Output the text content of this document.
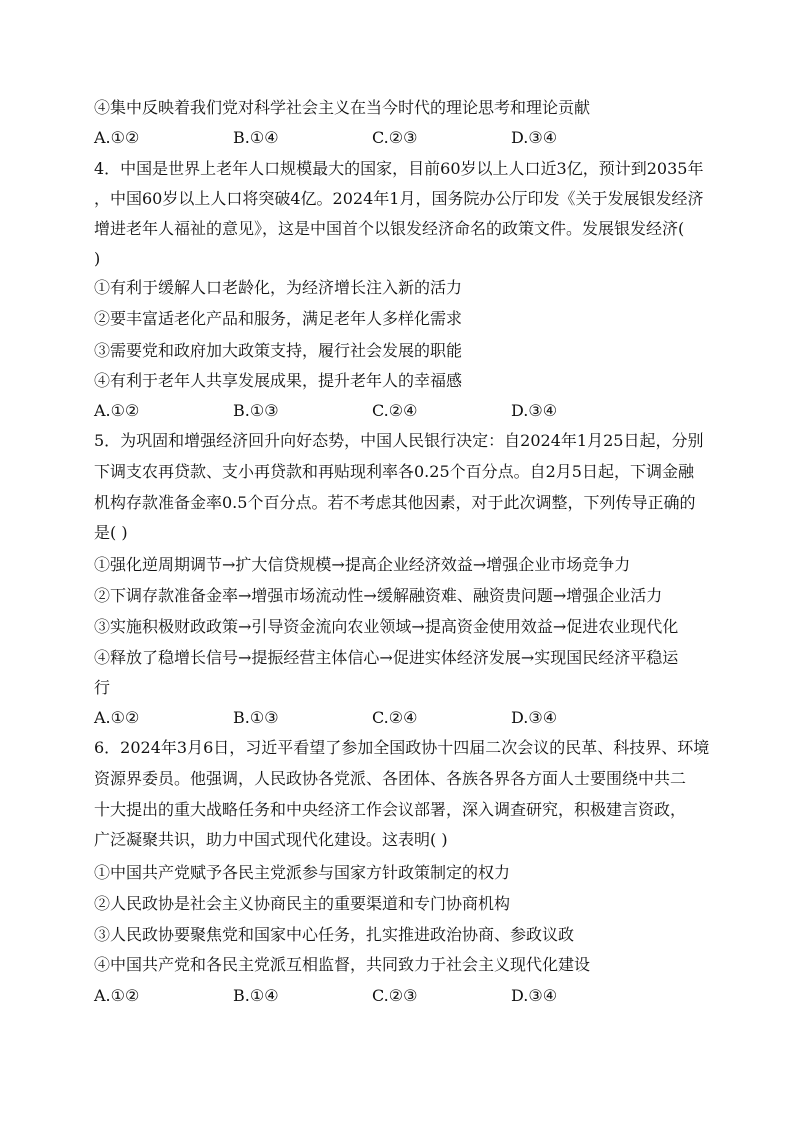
④集中反映着我们党对科学社会主义在当今时代的理论思考和理论贡献
A.①②	B.①④	C.②③	D.③④
4．中国是世界上老年人口规模最大的国家，目前60岁以上人口近3亿，预计到2035年
，中国60岁以上人口将突破4亿。2024年1月，国务院办公厅印发《关于发展银发经济
增进老年人福祉的意见》，这是中国首个以银发经济命名的政策文件。发展银发经济(
)
①有利于缓解人口老龄化，为经济增长注入新的活力
②要丰富适老化产品和服务，满足老年人多样化需求
③需要党和政府加大政策支持，履行社会发展的职能
④有利于老年人共享发展成果，提升老年人的幸福感
A.①②	B.①③	C.②④	D.③④
5．为巩固和增强经济回升向好态势，中国人民银行决定：自2024年1月25日起，分别
下调支农再贷款、支小再贷款和再贴现利率各0.25个百分点。自2月5日起，下调金融
机构存款准备金率0.5个百分点。若不考虑其他因素，对于此次调整，下列传导正确的
是( )
①强化逆周期调节→扩大信贷规模→提高企业经济效益→增强企业市场竞争力
②下调存款准备金率→增强市场流动性→缓解融资难、融资贵问题→增强企业活力
③实施积极财政政策→引导资金流向农业领域→提高资金使用效益→促进农业现代化
④释放了稳增长信号→提振经营主体信心→促进实体经济发展→实现国民经济平稳运
行
A.①②	B.①③	C.②④	D.③④
6．2024年3月6日，习近平看望了参加全国政协十四届二次会议的民革、科技界、环境
资源界委员。他强调，人民政协各党派、各团体、各族各界各方面人士要围绕中共二
十大提出的重大战略任务和中央经济工作会议部署，深入调查研究，积极建言资政，
广泛凝聚共识，助力中国式现代化建设。这表明( )
①中国共产党赋予各民主党派参与国家方针政策制定的权力
②人民政协是社会主义协商民主的重要渠道和专门协商机构
③人民政协要聚焦党和国家中心任务，扎实推进政治协商、参政议政
④中国共产党和各民主党派互相监督，共同致力于社会主义现代化建设
A.①②	B.①④	C.②③	D.③④
